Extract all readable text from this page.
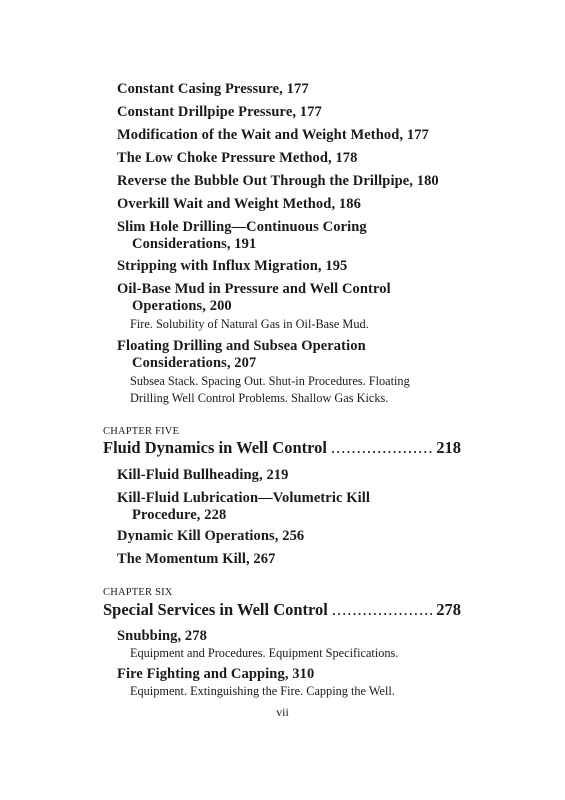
Constant Casing Pressure, 177
Constant Drillpipe Pressure, 177
Modification of the Wait and Weight Method, 177
The Low Choke Pressure Method, 178
Reverse the Bubble Out Through the Drillpipe, 180
Overkill Wait and Weight Method, 186
Slim Hole Drilling—Continuous Coring
Considerations, 191
Stripping with Influx Migration, 195
Oil-Base Mud in Pressure and Well Control
Operations, 200
Fire. Solubility of Natural Gas in Oil-Base Mud.
Floating Drilling and Subsea Operation
Considerations, 207
Subsea Stack. Spacing Out. Shut-in Procedures. Floating
Drilling Well Control Problems. Shallow Gas Kicks.
CHAPTER FIVE
Fluid Dynamics in Well Control .....	218
Kill-Fluid Bullheading, 219
Kill-Fluid Lubrication—Volumetric Kill
Procedure, 228
Dynamic Kill Operations, 256
The Momentum Kill, 267
CHAPTER SIX
Special Services in Well Control .....	278
Snubbing, 278
Equipment and Procedures. Equipment Specifications.
Fire Fighting and Capping, 310
Equipment. Extinguishing the Fire. Capping the Well.
vii
